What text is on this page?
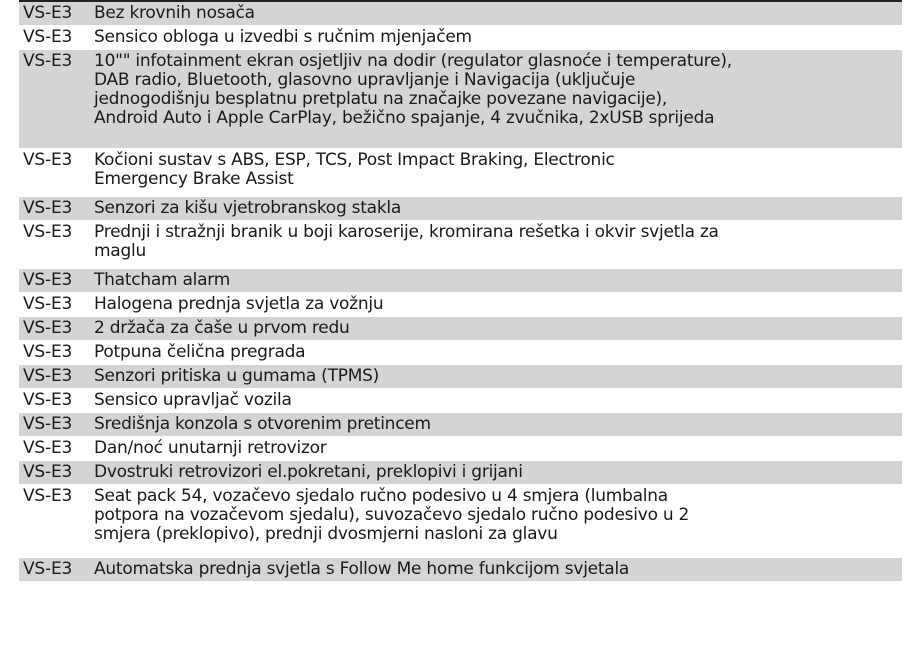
VS-E3	Bez krovnih nosača
VS-E3	Sensico obloga u izvedbi s ručnim mjenjačem
VS-E3	10"" infotainment ekran osjetljiv na dodir (regulator glasnoće i temperature),
DAB radio, Bluetooth, glasovno upravljanje i Navigacija (uključuje
jednogodišnju besplatnu pretplatu na značajke povezane navigacije),
Android Auto i Apple CarPlay, bežično spajanje, 4 zvučnika, 2xUSB sprijeda
VS-E3	Kočioni sustav s ABS, ESP, TCS, Post Impact Braking, Electronic
Emergency Brake Assist
VS-E3	Senzori za kišu vjetrobranskog stakla
VS-E3	Prednji i stražnji branik u boji karoserije, kromirana rešetka i okvir svjetla za
maglu
VS-E3	Thatcham alarm
VS-E3	Halogena prednja svjetla za vožnju
VS-E3	2 držača za čaše u prvom redu
VS-E3	Potpuna čelična pregrada
VS-E3	Senzori pritiska u gumama (TPMS)
VS-E3	Sensico upravljač vozila
VS-E3	Središnja konzola s otvorenim pretincem
VS-E3	Dan/noć unutarnji retrovizor
VS-E3	Dvostruki retrovizori el.pokretani, preklopivi i grijani
VS-E3	Seat pack 54, vozačevo sjedalo ručno podesivo u 4 smjera (lumbalna
potpora na vozačevom sjedalu), suvozačevo sjedalo ručno podesivo u 2
smjera (preklopivo), prednji dvosmjerni nasloni za glavu
VS-E3	Automatska prednja svjetla s Follow Me home funkcijom svjetala
